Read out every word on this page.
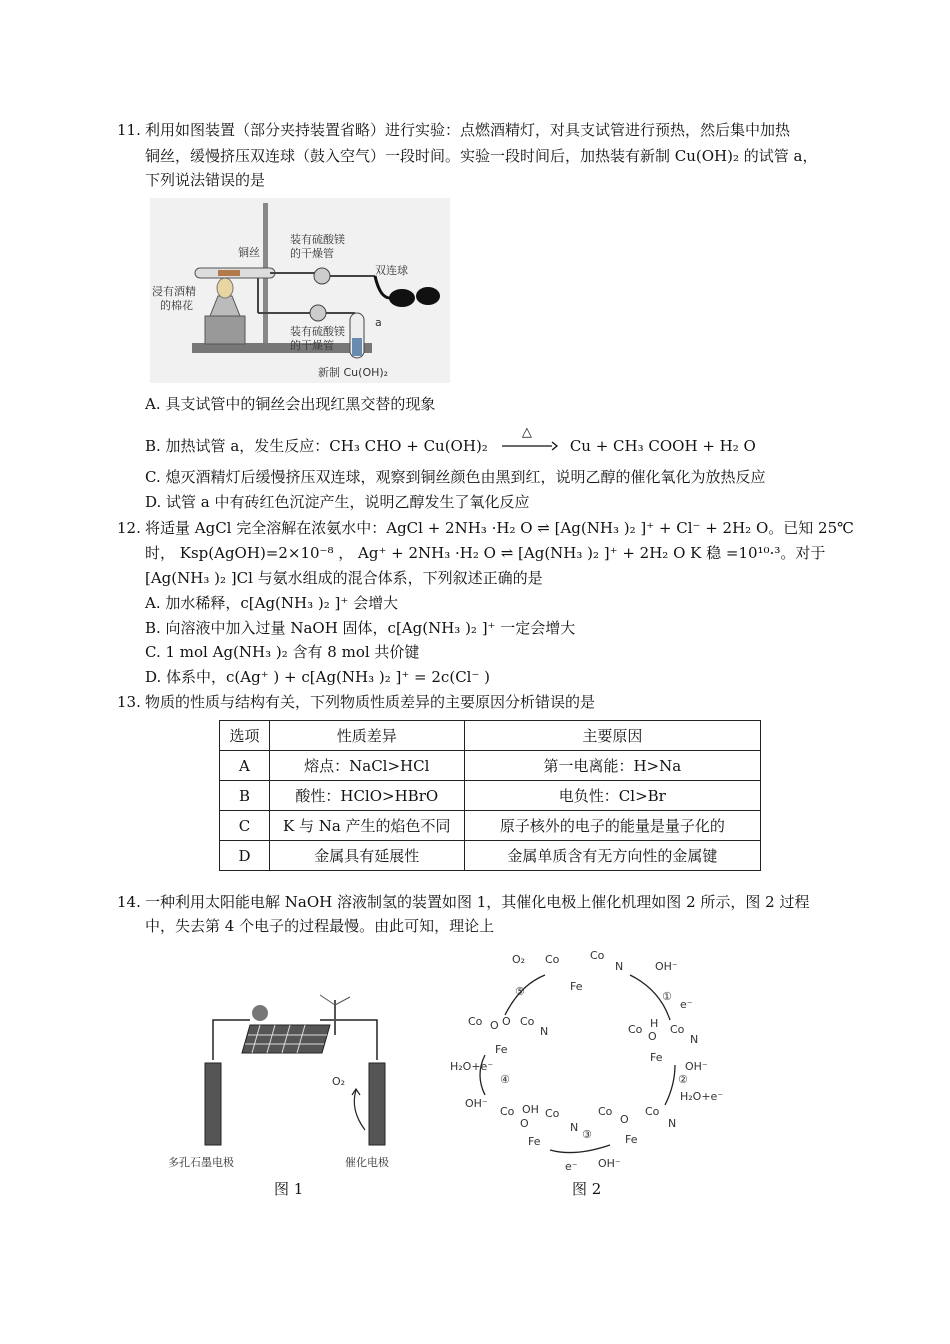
11. 利用如图装置（部分夹持装置省略）进行实验：点燃酒精灯，对具支试管进行预热，然后集中加热
铜丝，缓慢挤压双连球（鼓入空气）一段时间。实验一段时间后，加热装有新制 Cu(OH)₂ 的试管 a，
下列说法错误的是
铜丝
浸有酒精
的棉花
装有硫酸镁
的干燥管
双连球
装有硫酸镁
的干燥管
a
新制 Cu(OH)₂
A. 具支试管中的铜丝会出现红黑交替的现象
B. 加热试管 a，发生反应：CH₃ CHO + Cu(OH)₂
△
Cu + CH₃ COOH + H₂ O
C. 熄灭酒精灯后缓慢挤压双连球，观察到铜丝颜色由黑到红，说明乙醇的催化氧化为放热反应
D. 试管 a 中有砖红色沉淀产生，说明乙醇发生了氧化反应
12. 将适量 AgCl 完全溶解在浓氨水中：AgCl + 2NH₃ ·H₂ O ⇌ [Ag(NH₃ )₂ ]⁺ + Cl⁻ + 2H₂ O。已知 25℃
时， Ksp(AgOH)=2×10⁻⁸ ， Ag⁺ + 2NH₃ ·H₂ O ⇌ [Ag(NH₃ )₂ ]⁺ + 2H₂ O K 稳 =10¹⁰·³。对于
[Ag(NH₃ )₂ ]Cl 与氨水组成的混合体系，下列叙述正确的是
A. 加水稀释，c[Ag(NH₃ )₂ ]⁺ 会增大
B. 向溶液中加入过量 NaOH 固体，c[Ag(NH₃ )₂ ]⁺ 一定会增大
C. 1 mol Ag(NH₃ )₂ 含有 8 mol 共价键
D. 体系中，c(Ag⁺ ) + c[Ag(NH₃ )₂ ]⁺ = 2c(Cl⁻ )
13. 物质的性质与结构有关，下列物质性质差异的主要原因分析错误的是
选项	性质差异	主要原因
A	熔点：NaCl>HCl	第一电离能：H>Na
B	酸性：HClO>HBrO	电负性：Cl>Br
C	K 与 Na 产生的焰色不同	原子核外的电子的能量是量子化的
D	金属具有延展性	金属单质含有无方向性的金属键
14. 一种利用太阳能电解 NaOH 溶液制氢的装置如图 1，其催化电极上催化机理如图 2 所示，图 2 过程
中，失去第 4 个电子的过程最慢。由此可知，理论上
O₂
多孔石墨电极	催化电极
图 1
Co	Co
N
Fe
O₂
OH⁻
e⁻
Co H
O
Co
N
Fe
OH⁻
H₂O+e⁻
Co
O
Co
N
Fe
e⁻ OH⁻
Co OH
O
Co
N
Fe
H₂O+e⁻
OH⁻
Co O O Co
N
Fe
⑤	①
②
③
④
图 2
